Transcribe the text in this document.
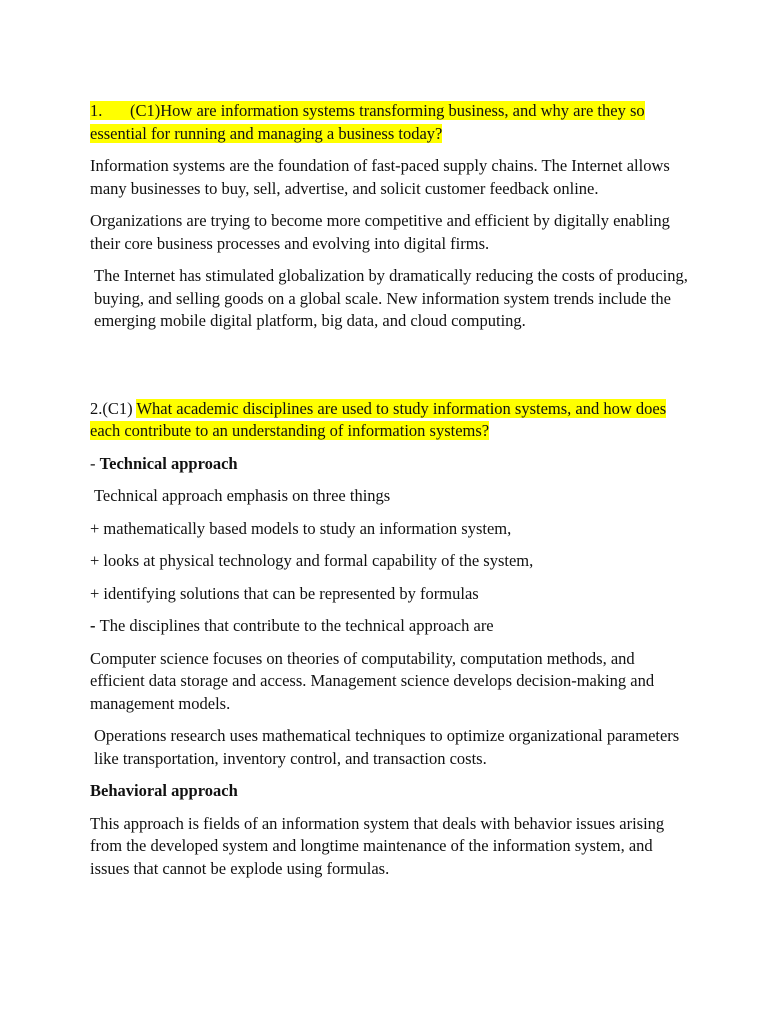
1. (C1)How are information systems transforming business, and why are they so essential for running and managing a business today?

Information systems are the foundation of fast-paced supply chains. The Internet allows many businesses to buy, sell, advertise, and solicit customer feedback online.

Organizations are trying to become more competitive and efficient by digitally enabling their core business processes and evolving into digital firms.

The Internet has stimulated globalization by dramatically reducing the costs of producing, buying, and selling goods on a global scale. New information system trends include the emerging mobile digital platform, big data, and cloud computing.

2.(C1) What academic disciplines are used to study information systems, and how does each contribute to an understanding of information systems?

- Technical approach

Technical approach emphasis on three things

+ mathematically based models to study an information system,

+ looks at physical technology and formal capability of the system,

+ identifying solutions that can be represented by formulas

- The disciplines that contribute to the technical approach are

Computer science focuses on theories of computability, computation methods, and efficient data storage and access. Management science develops decision-making and management models.

Operations research uses mathematical techniques to optimize organizational parameters like transportation, inventory control, and transaction costs.

Behavioral approach

This approach is fields of an information system that deals with behavior issues arising from the developed system and longtime maintenance of the information system, and issues that cannot be explode using formulas.
